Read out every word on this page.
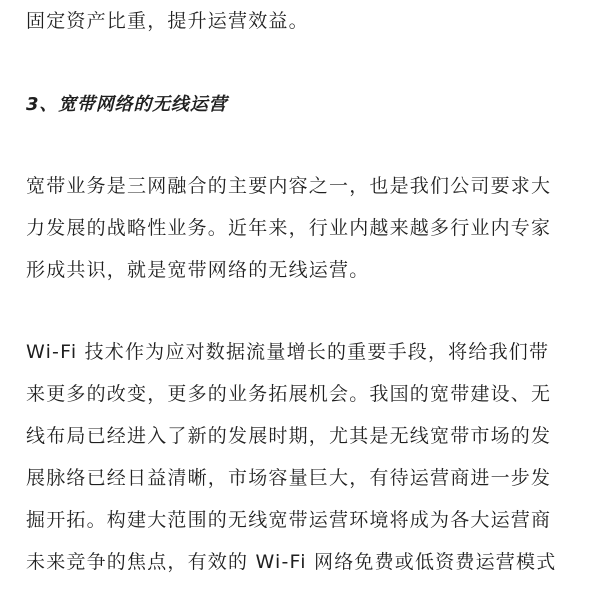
固定资产比重，提升运营效益。
3、宽带网络的无线运营
宽带业务是三网融合的主要内容之一，也是我们公司要求大
力发展的战略性业务。近年来，行业内越来越多行业内专家
形成共识，就是宽带网络的无线运营。
Wi-Fi 技术作为应对数据流量增长的重要手段，将给我们带
来更多的改变，更多的业务拓展机会。我国的宽带建设、无
线布局已经进入了新的发展时期，尤其是无线宽带市场的发
展脉络已经日益清晰，市场容量巨大，有待运营商进一步发
掘开拓。构建大范围的无线宽带运营环境将成为各大运营商
未来竞争的焦点，有效的 Wi-Fi 网络免费或低资费运营模式
